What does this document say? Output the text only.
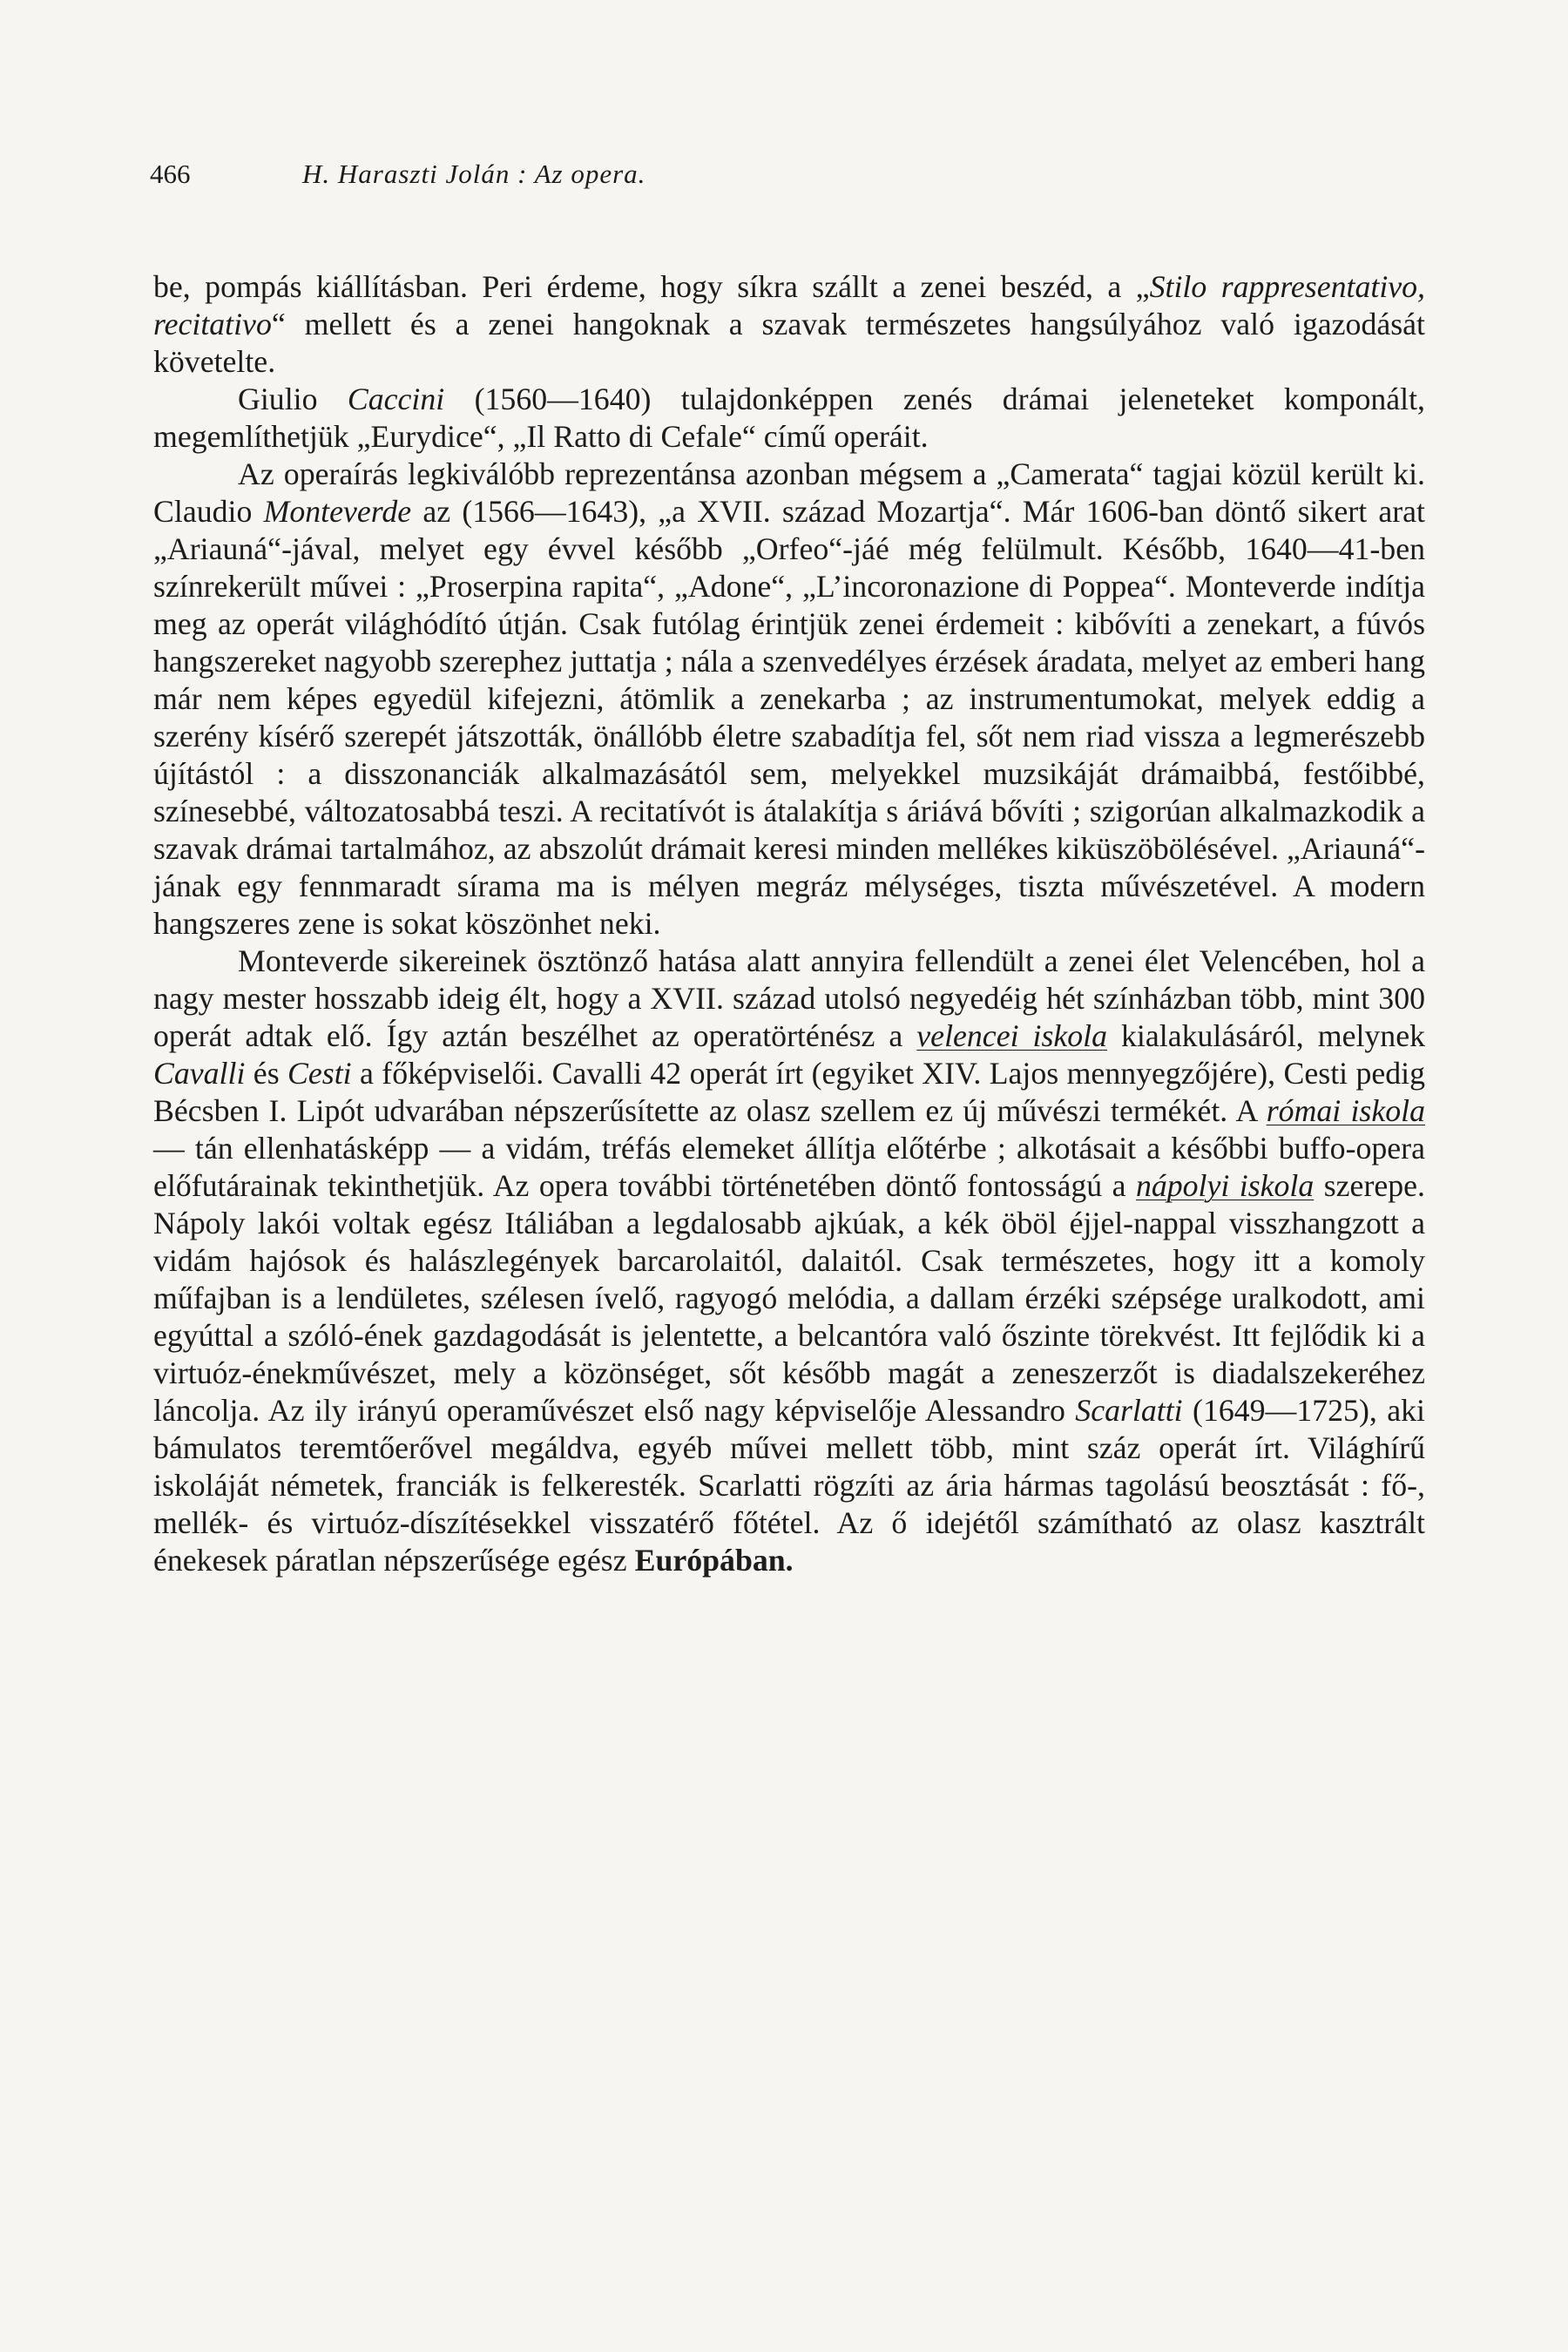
466	H. Haraszti Jolán : Az opera.

be, pompás kiállításban. Peri érdeme, hogy síkra szállt a zenei beszéd, a „Stilo rappresentativo, recitativo“ mellett és a zenei hangoknak a szavak természetes hangsúlyához való igazodását követelte.

Giulio Caccini (1560—1640) tulajdonképpen zenés drámai jeleneteket komponált, megemlíthetjük „Eurydice“, „Il Ratto di Cefale“ című operáit.

Az operaírás legkiválóbb reprezentánsa azonban mégsem a „Camerata“ tagjai közül került ki. Claudio Monteverde az (1566—1643), „a XVII. század Mozartja“. Már 1606-ban döntő sikert arat „Ariauná“-jával, melyet egy évvel később „Orfeo“-jáé még felülmult. Később, 1640—41-ben színrekerült művei : „Proserpina rapita“, „Adone“, „L’incoronazione di Poppea“. Monteverde indítja meg az operát világhódító útján. Csak futólag érintjük zenei érdemeit : kibővíti a zenekart, a fúvós hangszereket nagyobb szerephez juttatja ; nála a szenvedélyes érzések áradata, melyet az emberi hang már nem képes egyedül kifejezni, átömlik a zenekarba ; az instrumentumokat, melyek eddig a szerény kísérő szerepét játszották, önállóbb életre szabadítja fel, sőt nem riad vissza a legmerészebb újítástól : a disszonanciák alkalmazásától sem, melyekkel muzsikáját drámaibbá, festőibbé, színesebbé, változatosabbá teszi. A recitatívót is átalakítja s áriává bővíti ; szigorúan alkalmazkodik a szavak drámai tartalmához, az abszolút drámait keresi minden mellékes kiküszöbölésével. „Ariauná“-jának egy fennmaradt sírama ma is mélyen megráz mélységes, tiszta művészetével. A modern hangszeres zene is sokat köszönhet neki.

Monteverde sikereinek ösztönző hatása alatt annyira fellendült a zenei élet Velencében, hol a nagy mester hosszabb ideig élt, hogy a XVII. század utolsó negyedéig hét színházban több, mint 300 operát adtak elő. Így aztán beszélhet az operatörténész a velencei iskola kialakulásáról, melynek Cavalli és Cesti a főképviselői. Cavalli 42 operát írt (egyiket XIV. Lajos mennyegzőjére), Cesti pedig Bécsben I. Lipót udvarában népszerűsítette az olasz szellem ez új művészi termékét. A római iskola — tán ellenhatásképp — a vidám, tréfás elemeket állítja előtérbe ; alkotásait a későbbi buffo-opera előfutárainak tekinthetjük. Az opera további történetében döntő fontosságú a nápolyi iskola szerepe. Nápoly lakói voltak egész Itáliában a legdalosabb ajkúak, a kék öböl éjjel-nappal visszhangzott a vidám hajósok és halászlegények barcarolaitól, dalaitól. Csak természetes, hogy itt a komoly műfajban is a lendületes, szélesen ívelő, ragyogó melódia, a dallam érzéki szépsége uralkodott, ami egyúttal a szóló-ének gazdagodását is jelentette, a belcantóra való őszinte törekvést. Itt fejlődik ki a virtuóz-énekművészet, mely a közönséget, sőt később magát a zeneszerzőt is diadalszekeréhez láncolja. Az ily irányú operaművészet első nagy képviselője Alessandro Scarlatti (1649—1725), aki bámulatos teremtőerővel megáldva, egyéb művei mellett több, mint száz operát írt. Világhírű iskoláját németek, franciák is felkeresték. Scarlatti rögzíti az ária hármas tagolású beosztását : fő-, mellék- és virtuóz-díszítésekkel visszatérő főtétel. Az ő idejétől számítható az olasz kasztrált énekesek páratlan népszerűsége egész Európában.
